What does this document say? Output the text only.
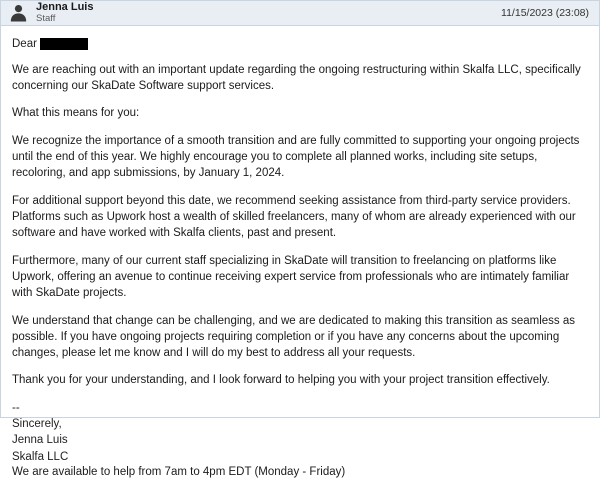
Jenna Luis
Staff	11/15/2023 (23:08)
Dear

We are reaching out with an important update regarding the ongoing restructuring within Skalfa LLC, specifically concerning our SkaDate Software support services.

What this means for you:

We recognize the importance of a smooth transition and are fully committed to supporting your ongoing projects until the end of this year. We highly encourage you to complete all planned works, including site setups, recoloring, and app submissions, by January 1, 2024.

For additional support beyond this date, we recommend seeking assistance from third-party service providers. Platforms such as Upwork host a wealth of skilled freelancers, many of whom are already experienced with our software and have worked with Skalfa clients, past and present.

Furthermore, many of our current staff specializing in SkaDate will transition to freelancing on platforms like Upwork, offering an avenue to continue receiving expert service from professionals who are intimately familiar with SkaDate projects.

We understand that change can be challenging, and we are dedicated to making this transition as seamless as possible. If you have ongoing projects requiring completion or if you have any concerns about the upcoming changes, please let me know and I will do my best to address all your requests.

Thank you for your understanding, and I look forward to helping you with your project transition effectively.

--
Sincerely,
Jenna Luis
Skalfa LLC

We are available to help from 7am to 4pm EDT (Monday - Friday)
